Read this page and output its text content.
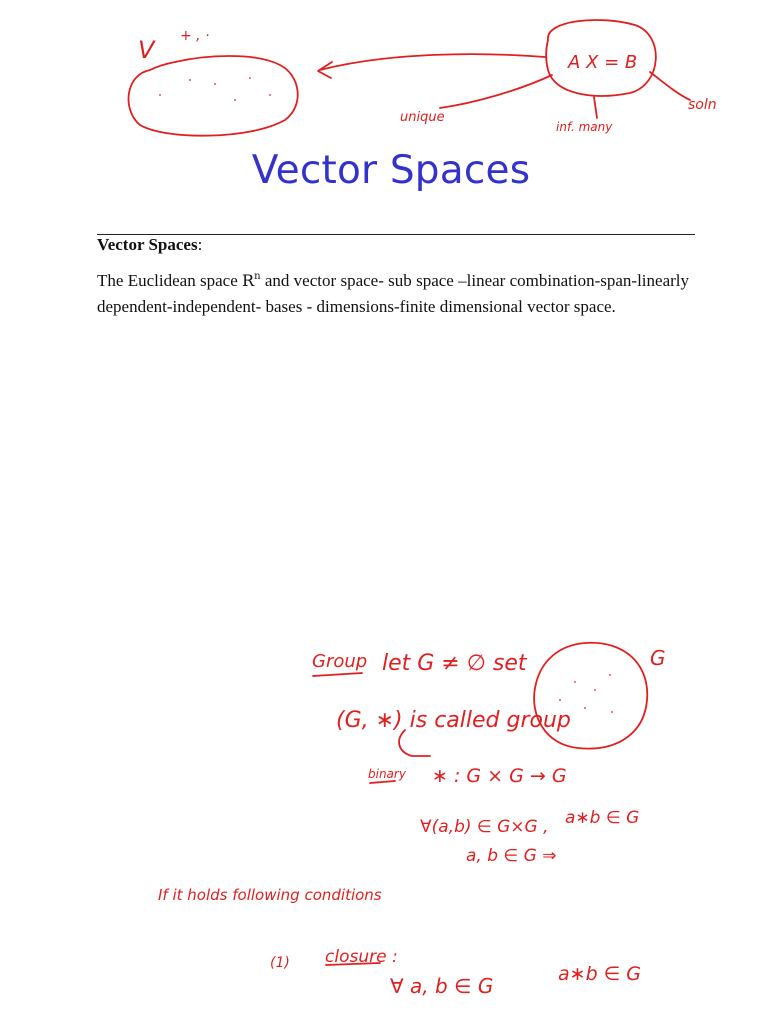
Vector Spaces
Vector Spaces:
The Euclidean space $R^n$ and vector space- sub space –linear combination-span-linearly dependent-independent- bases - dimensions-finite dimensional vector space.
V + , ·
A X = B
unique
inf. many
soln
Group let G ≠ ∅ set	G
(G, ∗) is called group
binary ∗ : G × G → G
∀(a,b) ∈ G×G , a∗b ∈ G
a, b ∈ G ⇒
If it holds following conditions
(1) closure :
∀ a, b ∈ G	a∗b ∈ G
